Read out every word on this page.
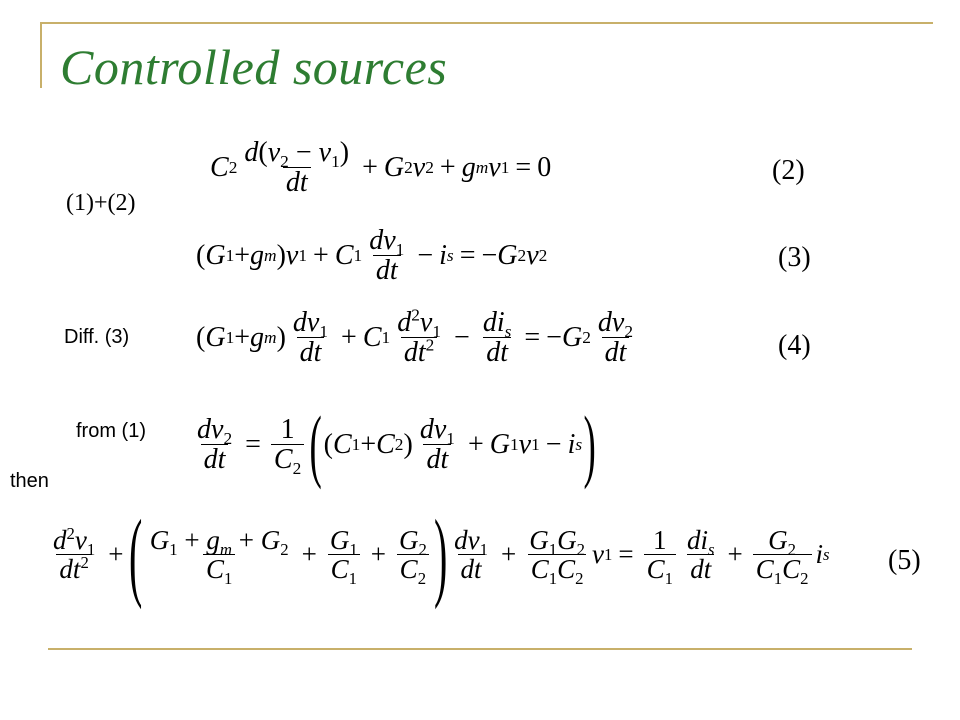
Controlled sources
C $2 \frac{d(v_2 - v_1)}{dt} + G$ 2 v 2 + g m v 1 = 0	(2)
(1)+(2)
( G 1 + g m ) v 1 + C $1 \frac{dv_1}{dt} - i$ s = − G 2 v 2	(3)
Diff. (3) ( G 1 + g m ) $\frac{dv_1}{dt} + C$ $1 \frac{d^2v_1}{dt^2} - \frac{di_s}{dt}$ = − G $2 \frac{dv_2}{dt}$	(4)
from $(1) \frac{dv_2}{dt} = \frac{1}{C_2}$ ( ( C 1 + C 2 ) $\frac{dv_1}{dt} + G$ 1 v 1 − i s )
then
$\frac{d^2v_1}{dt^2}$ + ( $\frac{G_1 + g_m + G_2}{C_1} + \frac{G_1}{C_1} + \frac{G_2}{C_2}$ ) $\frac{dv_1}{dt} + \frac{G_1G_2}{C_1C_2}$ v $1 = \frac{1}{C_1} \frac{di_s}{dt} + \frac{G_2}{C_1C_2}$ i s (5)
